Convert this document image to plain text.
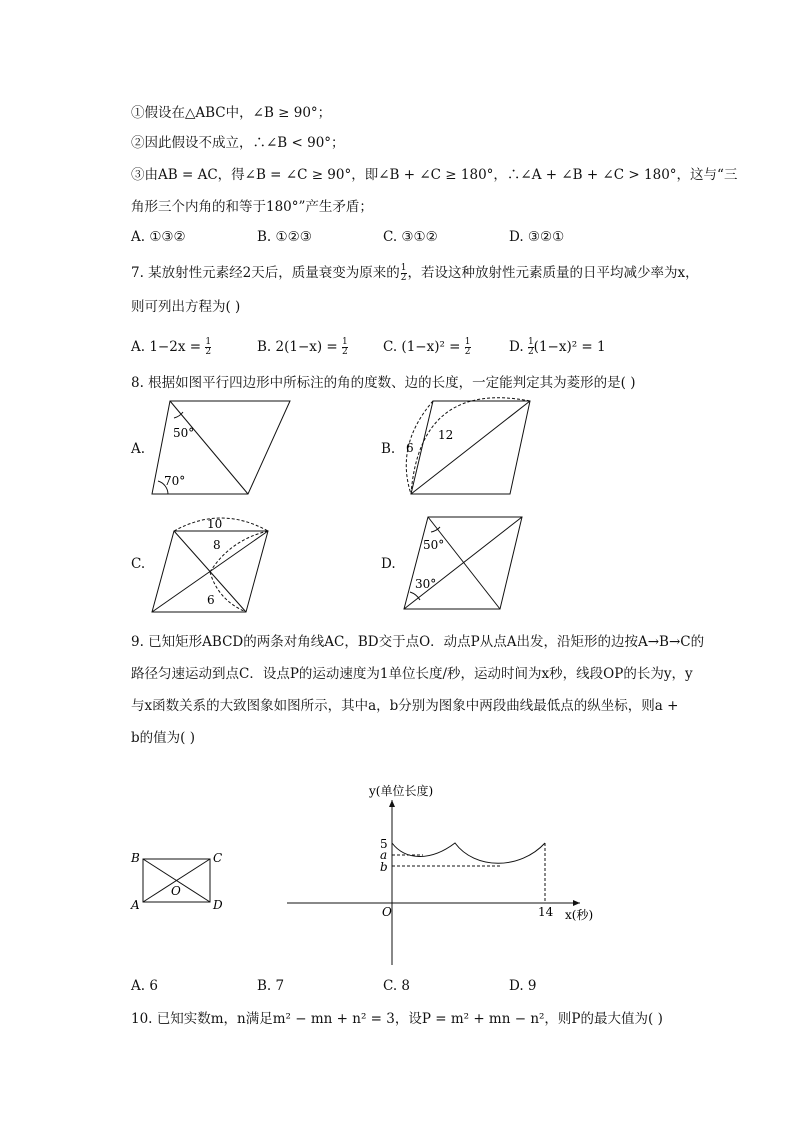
①假设在△ABC中，∠B ≥ 90°；
②因此假设不成立，∴∠B < 90°；
③由AB = AC，得∠B = ∠C ≥ 90°，即∠B + ∠C ≥ 180°，∴∠A + ∠B + ∠C > 180°，这与“三
角形三个内角的和等于180°”产生矛盾；
A. ①③②	B. ①②③	C. ③①②	D. ③②①
7. 某放射性元素经2天后，质量衰变为原来的 $\frac{1}{2}$ ，若设这种放射性元素质量的日平均减少率为x，
则可列出方程为( )
A. $1-2x = \frac{1}{2}$	B. $2(1-x) = \frac{1}{2}$	C. $(1-x)^2 = \frac{1}{2}$	D. $\frac{1}{2} (1-x)^2 = 1$
8. 根据如图平行四边形中所标注的角的度数、边的长度，一定能判定其为菱形的是( )
A.
50°
70°
B. 6
12
C.
10
8
6
D.
50°
30°
9. 已知矩形ABCD的两条对角线AC，BD交于点O．动点P从点A出发，沿矩形的边按A→B→C的
路径匀速运动到点C．设点P的运动速度为1单位长度/秒，运动时间为x秒，线段OP的长为y，y
与x函数关系的大致图象如图所示，其中a，b分别为图象中两段曲线最低点的纵坐标，则a +
b的值为( )
B	C
A	D
O
y(单位长度)
5
a
b
O	14 x(秒)
A. 6	B. 7	C. 8	D. 9
10. 已知实数m，n满足m² − mn + n² = 3，设P = m² + mn − n²，则P的最大值为( )
